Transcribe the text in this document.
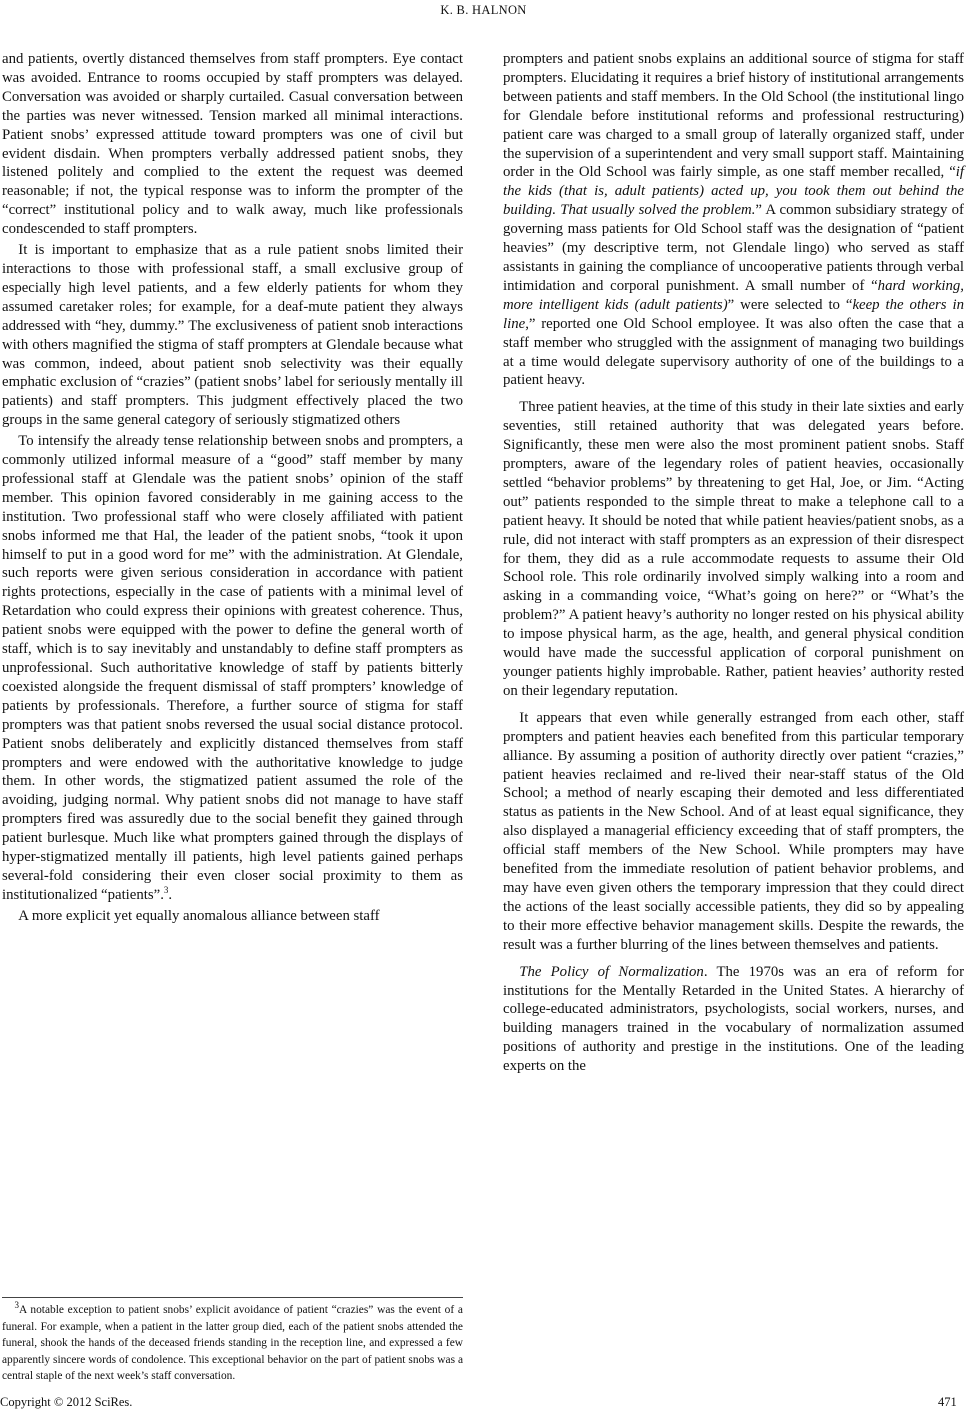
K. B. HALNON

and patients, overtly distanced themselves from staff prompters. Eye contact was avoided. Entrance to rooms occupied by staff prompters was delayed. Conversation was avoided or sharply curtailed. Casual conversation between the parties was never witnessed. Tension marked all minimal interactions. Patient snobs’ expressed attitude toward prompters was one of civil but evident disdain. When prompters verbally addressed patient snobs, they listened politely and complied to the extent the request was deemed reasonable; if not, the typical response was to inform the prompter of the “correct” institutional policy and to walk away, much like professionals condescended to staff prompters.

It is important to emphasize that as a rule patient snobs limited their interactions to those with professional staff, a small exclusive group of especially high level patients, and a few elderly patients for whom they assumed caretaker roles; for example, for a deaf-mute patient they always addressed with “hey, dummy.” The exclusiveness of patient snob interactions with others magnified the stigma of staff prompters at Glendale because what was common, indeed, about patient snob selectivity was their equally emphatic exclusion of “crazies” (patient snobs’ label for seriously mentally ill patients) and staff prompters. This judgment effectively placed the two groups in the same general category of seriously stigmatized others

To intensify the already tense relationship between snobs and prompters, a commonly utilized informal measure of a “good” staff member by many professional staff at Glendale was the patient snobs’ opinion of the staff member. This opinion favored considerably in me gaining access to the institution. Two professional staff who were closely affiliated with patient snobs informed me that Hal, the leader of the patient snobs, “took it upon himself to put in a good word for me” with the administration. At Glendale, such reports were given serious consideration in accordance with patient rights protections, especially in the case of patients with a minimal level of Retardation who could express their opinions with greatest coherence. Thus, patient snobs were equipped with the power to define the general worth of staff, which is to say inevitably and unstandably to define staff prompters as unprofessional. Such authoritative knowledge of staff by patients bitterly coexisted alongside the frequent dismissal of staff prompters’ knowledge of patients by professionals. Therefore, a further source of stigma for staff prompters was that patient snobs reversed the usual social distance protocol. Patient snobs deliberately and explicitly distanced themselves from staff prompters and were endowed with the authoritative knowledge to judge them. In other words, the stigmatized patient assumed the role of the avoiding, judging normal. Why patient snobs did not manage to have staff prompters fired was assuredly due to the social benefit they gained through patient burlesque. Much like what prompters gained through the displays of hyper-stigmatized mentally ill patients, high level patients gained perhaps several-fold considering their even closer social proximity to them as institutionalized “patients”.$^3$.

A more explicit yet equally anomalous alliance between staff

$^3$A notable exception to patient snobs’ explicit avoidance of patient “crazies” was the event of a funeral. For example, when a patient in the latter group died, each of the patient snobs attended the funeral, shook the hands of the deceased friends standing in the reception line, and expressed a few apparently sincere words of condolence. This exceptional behavior on the part of patient snobs was a central staple of the next week’s staff conversation.

prompters and patient snobs explains an additional source of stigma for staff prompters. Elucidating it requires a brief history of institutional arrangements between patients and staff members. In the Old School (the institutional lingo for Glendale before institutional reforms and professional restructuring) patient care was charged to a small group of laterally organized staff, under the supervision of a superintendent and very small support staff. Maintaining order in the Old School was fairly simple, as one staff member recalled, “if the kids (that is, adult patients) acted up, you took them out behind the building. That usually solved the problem.” A common subsidiary strategy of governing mass patients for Old School staff was the designation of “patient heavies” (my descriptive term, not Glendale lingo) who served as staff assistants in gaining the compliance of uncooperative patients through verbal intimidation and corporal punishment. A small number of “hard working, more intelligent kids (adult patients)” were selected to “keep the others in line,” reported one Old School employee. It was also often the case that a staff member who struggled with the assignment of managing two buildings at a time would delegate supervisory authority of one of the buildings to a patient heavy.

Three patient heavies, at the time of this study in their late sixties and early seventies, still retained authority that was delegated years before. Significantly, these men were also the most prominent patient snobs. Staff prompters, aware of the legendary roles of patient heavies, occasionally settled “behavior problems” by threatening to get Hal, Joe, or Jim. “Acting out” patients responded to the simple threat to make a telephone call to a patient heavy. It should be noted that while patient heavies/patient snobs, as a rule, did not interact with staff prompters as an expression of their disrespect for them, they did as a rule accommodate requests to assume their Old School role. This role ordinarily involved simply walking into a room and asking in a commanding voice, “What’s going on here?” or “What’s the problem?” A patient heavy’s authority no longer rested on his physical ability to impose physical harm, as the age, health, and general physical condition would have made the successful application of corporal punishment on younger patients highly improbable. Rather, patient heavies’ authority rested on their legendary reputation.

It appears that even while generally estranged from each other, staff prompters and patient heavies each benefited from this particular temporary alliance. By assuming a position of authority directly over patient “crazies,” patient heavies reclaimed and re-lived their near-staff status of the Old School; a method of nearly escaping their demoted and less differentiated status as patients in the New School. And of at least equal significance, they also displayed a managerial efficiency exceeding that of staff prompters, the official staff members of the New School. While prompters may have benefited from the immediate resolution of patient behavior problems, and may have even given others the temporary impression that they could direct the actions of the least socially accessible patients, they did so by appealing to their more effective behavior management skills. Despite the rewards, the result was a further blurring of the lines between themselves and patients.

The Policy of Normalization. The 1970s was an era of reform for institutions for the Mentally Retarded in the United States. A hierarchy of college-educated administrators, psychologists, social workers, nurses, and building managers trained in the vocabulary of normalization assumed positions of authority and prestige in the institutions. One of the leading experts on the

Copyright © 2012 SciRes.	471
